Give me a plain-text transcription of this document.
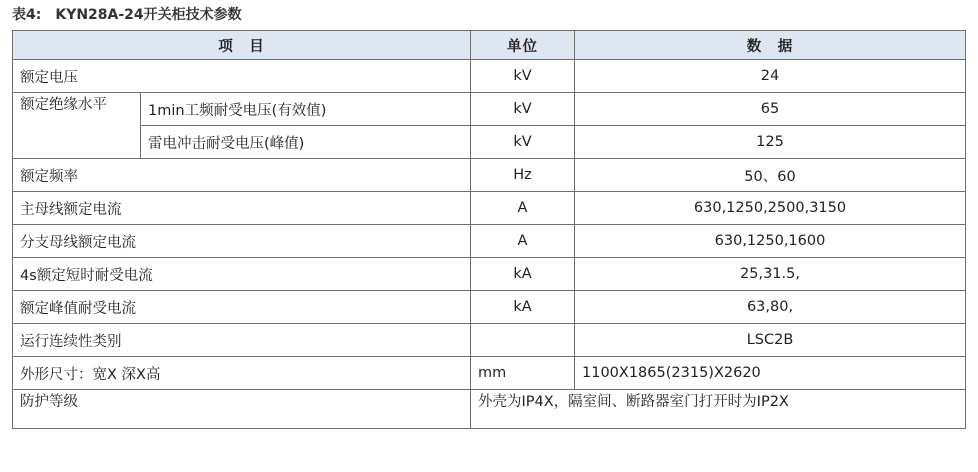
表4: KYN28A-24开关柜技术参数
项　目		单位	数　据
额定电压		kV	24
额定绝缘水平	1min工频耐受电压(有效值)	kV	65
	雷电冲击耐受电压(峰值)	kV	125
额定频率		Hz	50、60
主母线额定电流		A	630,1250,2500,3150
分支母线额定电流		A	630,1250,1600
4s额定短时耐受电流		kA	25,31.5,
额定峰值耐受电流		kA	63,80,
运行连续性类别			LSC2B
外形尺寸：宽X 深X高		mm	1100X1865(2315)X2620
防护等级		外壳为IP4X，隔室间、断路器室门打开时为IP2X	
